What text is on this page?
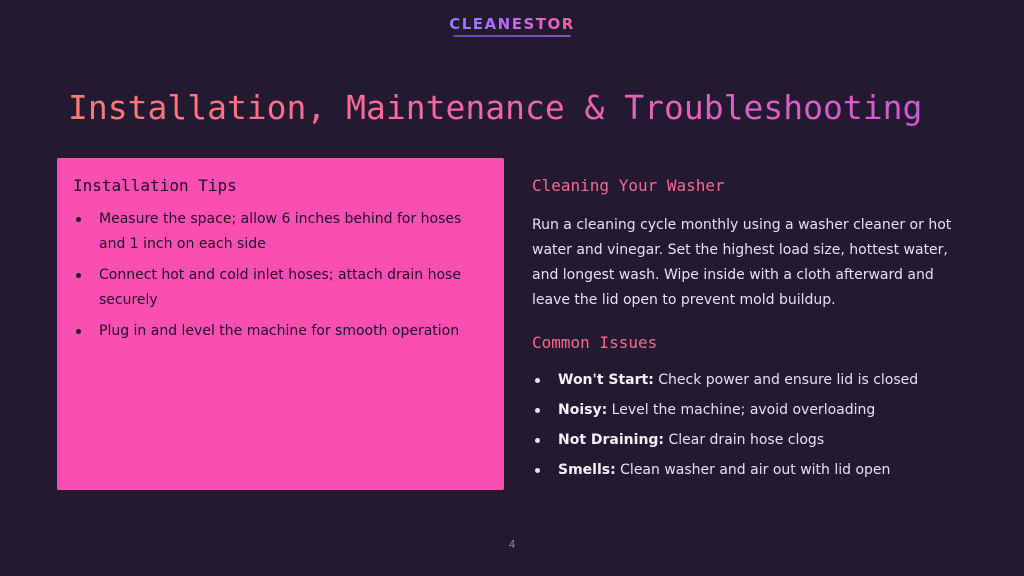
CLEANESTOR
Installation, Maintenance & Troubleshooting
Installation Tips
Measure the space; allow 6 inches behind for hoses and 1 inch on each side
Connect hot and cold inlet hoses; attach drain hose securely
Plug in and level the machine for smooth operation
Cleaning Your Washer

Run a cleaning cycle monthly using a washer cleaner or hot water and vinegar. Set the highest load size, hottest water, and longest wash. Wipe inside with a cloth afterward and leave the lid open to prevent mold buildup.

Common Issues
Won't Start: Check power and ensure lid is closed
Noisy: Level the machine; avoid overloading
Not Draining: Clear drain hose clogs
Smells: Clean washer and air out with lid open
4
